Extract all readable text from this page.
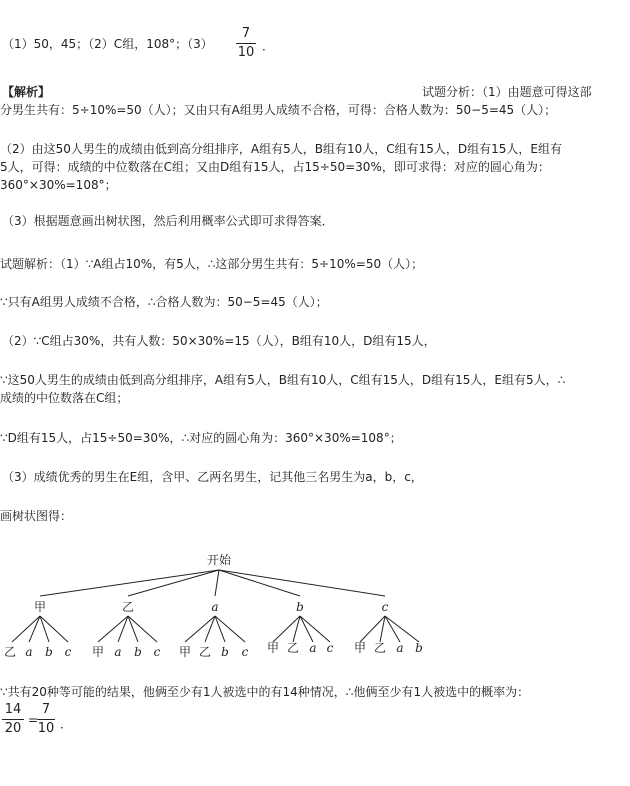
（1）50，45；（2）C组，108°；（3）
7
10 ．
【解析】	试题分析：（1）由题意可得这部
分男生共有：5÷10%=50（人）；又由只有A组男人成绩不合格，可得：合格人数为：50−5=45（人）；
（2）由这50人男生的成绩由低到高分组排序，A组有5人，B组有10人，C组有15人，D组有15人，E组有
5人，可得：成绩的中位数落在C组；又由D组有15人，占15÷50=30%，即可求得：对应的圆心角为：
360°×30%=108°；
（3）根据题意画出树状图，然后利用概率公式即可求得答案．
试题解析：（1）∵A组占10%，有5人，∴这部分男生共有：5÷10%=50（人）；
∵只有A组男人成绩不合格，∴合格人数为：50−5=45（人）；
（2）∵C组占30%，共有人数：50×30%=15（人），B组有10人，D组有15人，
∵这50人男生的成绩由低到高分组排序，A组有5人，B组有10人，C组有15人，D组有15人，E组有5人，∴
成绩的中位数落在C组；
∵D组有15人，占15÷50=30%，∴对应的圆心角为：360°×30%=108°；
（3）成绩优秀的男生在E组，含甲、乙两名男生，记其他三名男生为a，b，c，
画树状图得：
开始
甲	乙	a	b	c
乙 a b c 甲 a b c 甲 乙 b c 甲 乙 a c 甲 乙 a b
∵共有20种等可能的结果，他俩至少有1人被选中的有14种情况，∴他俩至少有1人被选中的概率为：
14
20
=
7
10 ．
